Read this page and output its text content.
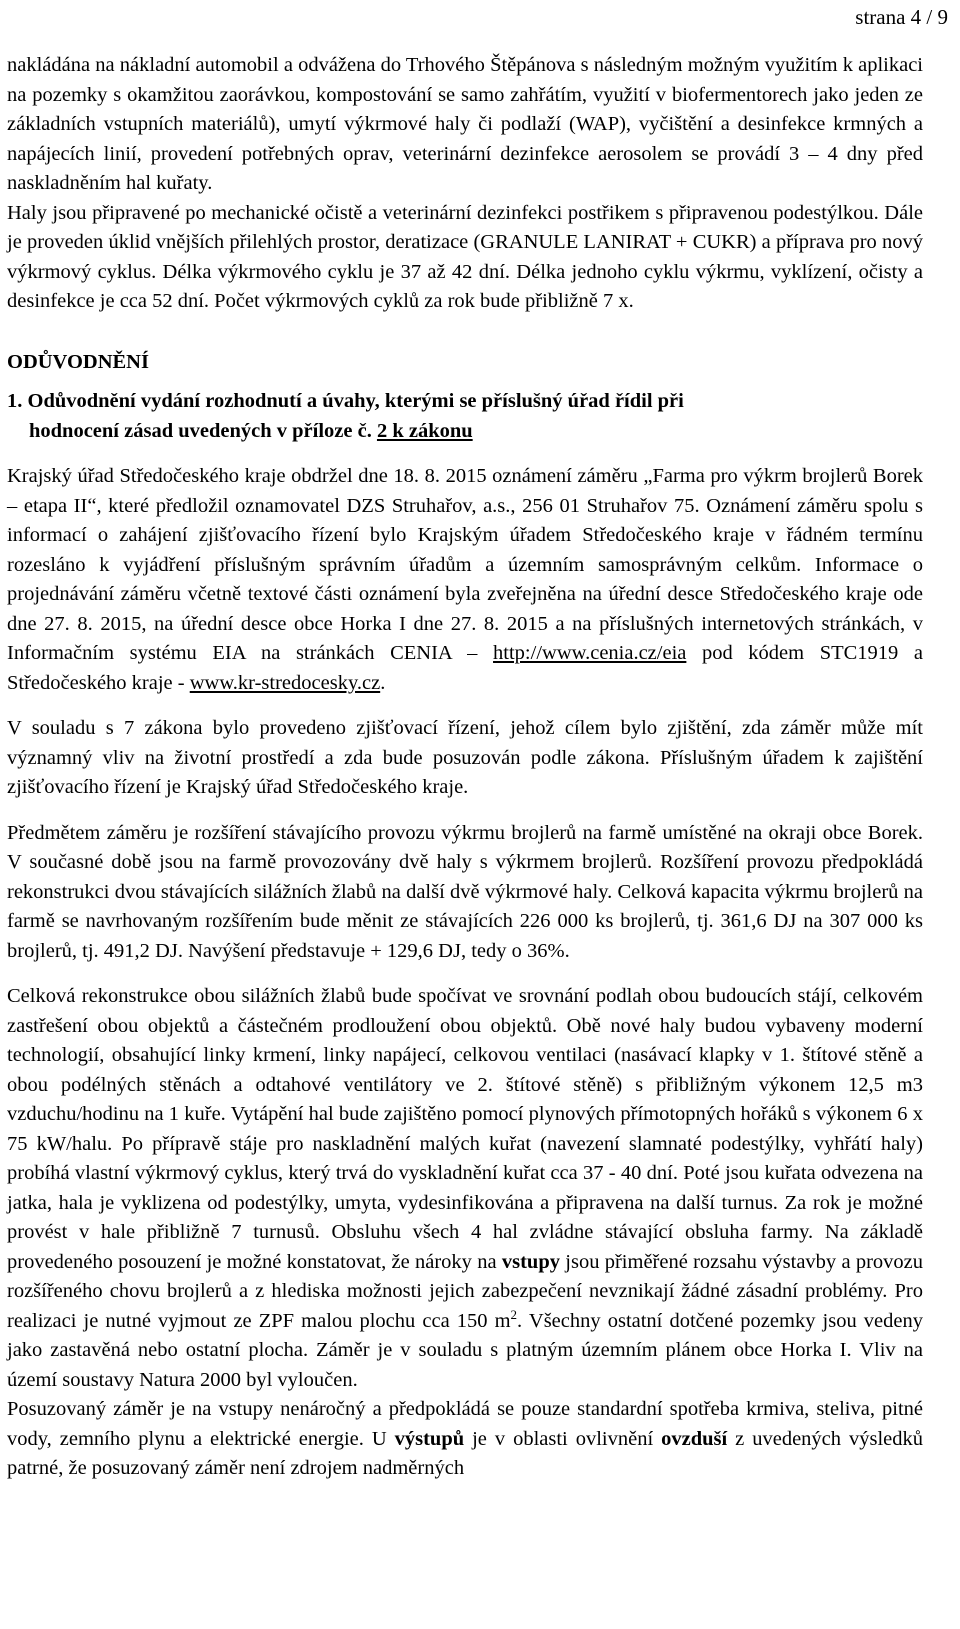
strana 4 / 9

nakládána na nákladní automobil a odvážena do Trhového Štěpánova s následným možným využitím k aplikaci na pozemky s okamžitou zaorávkou, kompostování se samo zahřátím, využití v biofermentorech jako jeden ze základních vstupních materiálů), umytí výkrmové haly či podlaží (WAP), vyčištění a desinfekce krmných a napájecích linií, provedení potřebných oprav, veterinární dezinfekce aerosolem se provádí 3 – 4 dny před naskladněním hal kuřaty.

Haly jsou připravené po mechanické očistě a veterinární dezinfekci postřikem s připravenou podestýlkou. Dále je proveden úklid vnějších přilehlých prostor, deratizace (GRANULE LANIRAT + CUKR) a příprava pro nový výkrmový cyklus. Délka výkrmového cyklu je 37 až 42 dní. Délka jednoho cyklu výkrmu, vyklízení, očisty a desinfekce je cca 52 dní. Počet výkrmových cyklů za rok bude přibližně 7 x.

ODŮVODNĚNÍ

1. Odůvodnění vydání rozhodnutí a úvahy, kterými se příslušný úřad řídil při
hodnocení zásad uvedených v příloze č. 2 k zákonu

Krajský úřad Středočeského kraje obdržel dne 18. 8. 2015 oznámení záměru „Farma pro výkrm brojlerů Borek – etapa II“, které předložil oznamovatel DZS Struhařov, a.s., 256 01 Struhařov 75. Oznámení záměru spolu s informací o zahájení zjišťovacího řízení bylo Krajským úřadem Středočeského kraje v řádném termínu rozesláno k vyjádření příslušným správním úřadům a územním samosprávným celkům. Informace o projednávání záměru včetně textové části oznámení byla zveřejněna na úřední desce Středočeského kraje ode dne 27. 8. 2015, na úřední desce obce Horka I dne 27. 8. 2015 a na příslušných internetových stránkách, v Informačním systému EIA na stránkách CENIA – http://www.cenia.cz/eia pod kódem STC1919 a Středočeského kraje - www.kr-stredocesky.cz.

V souladu s 7 zákona bylo provedeno zjišťovací řízení, jehož cílem bylo zjištění, zda záměr může mít významný vliv na životní prostředí a zda bude posuzován podle zákona. Příslušným úřadem k zajištění zjišťovacího řízení je Krajský úřad Středočeského kraje.

Předmětem záměru je rozšíření stávajícího provozu výkrmu brojlerů na farmě umístěné na okraji obce Borek. V současné době jsou na farmě provozovány dvě haly s výkrmem brojlerů. Rozšíření provozu předpokládá rekonstrukci dvou stávajících silážních žlabů na další dvě výkrmové haly. Celková kapacita výkrmu brojlerů na farmě se navrhovaným rozšířením bude měnit ze stávajících 226 000 ks brojlerů, tj. 361,6 DJ na 307 000 ks brojlerů, tj. 491,2 DJ. Navýšení představuje + 129,6 DJ, tedy o 36%.

Celková rekonstrukce obou silážních žlabů bude spočívat ve srovnání podlah obou budoucích stájí, celkovém zastřešení obou objektů a částečném prodloužení obou objektů. Obě nové haly budou vybaveny moderní technologií, obsahující linky krmení, linky napájecí, celkovou ventilaci (nasávací klapky v 1. štítové stěně a obou podélných stěnách a odtahové ventilátory ve 2. štítové stěně) s přibližným výkonem 12,5 m3 vzduchu/hodinu na 1 kuře. Vytápění hal bude zajištěno pomocí plynových přímotopných hořáků s výkonem 6 x 75 kW/halu. Po přípravě stáje pro naskladnění malých kuřat (navezení slamnaté podestýlky, vyhřátí haly) probíhá vlastní výkrmový cyklus, který trvá do vyskladnění kuřat cca 37 - 40 dní. Poté jsou kuřata odvezena na jatka, hala je vyklizena od podestýlky, umyta, vydesinfikována a připravena na další turnus. Za rok je možné provést v hale přibližně 7 turnusů. Obsluhu všech 4 hal zvládne stávající obsluha farmy. Na základě provedeného posouzení je možné konstatovat, že nároky na vstupy jsou přiměřené rozsahu výstavby a provozu rozšířeného chovu brojlerů a z hlediska možnosti jejich zabezpečení nevznikají žádné zásadní problémy. Pro realizaci je nutné vyjmout ze ZPF malou plochu cca 150 $m^2$. Všechny ostatní dotčené pozemky jsou vedeny jako zastavěná nebo ostatní plocha. Záměr je v souladu s platným územním plánem obce Horka I. Vliv na území soustavy Natura 2000 byl vyloučen.

Posuzovaný záměr je na vstupy nenáročný a předpokládá se pouze standardní spotřeba krmiva, steliva, pitné vody, zemního plynu a elektrické energie. U výstupů je v oblasti ovlivnění ovzduší z uvedených výsledků patrné, že posuzovaný záměr není zdrojem nadměrných
